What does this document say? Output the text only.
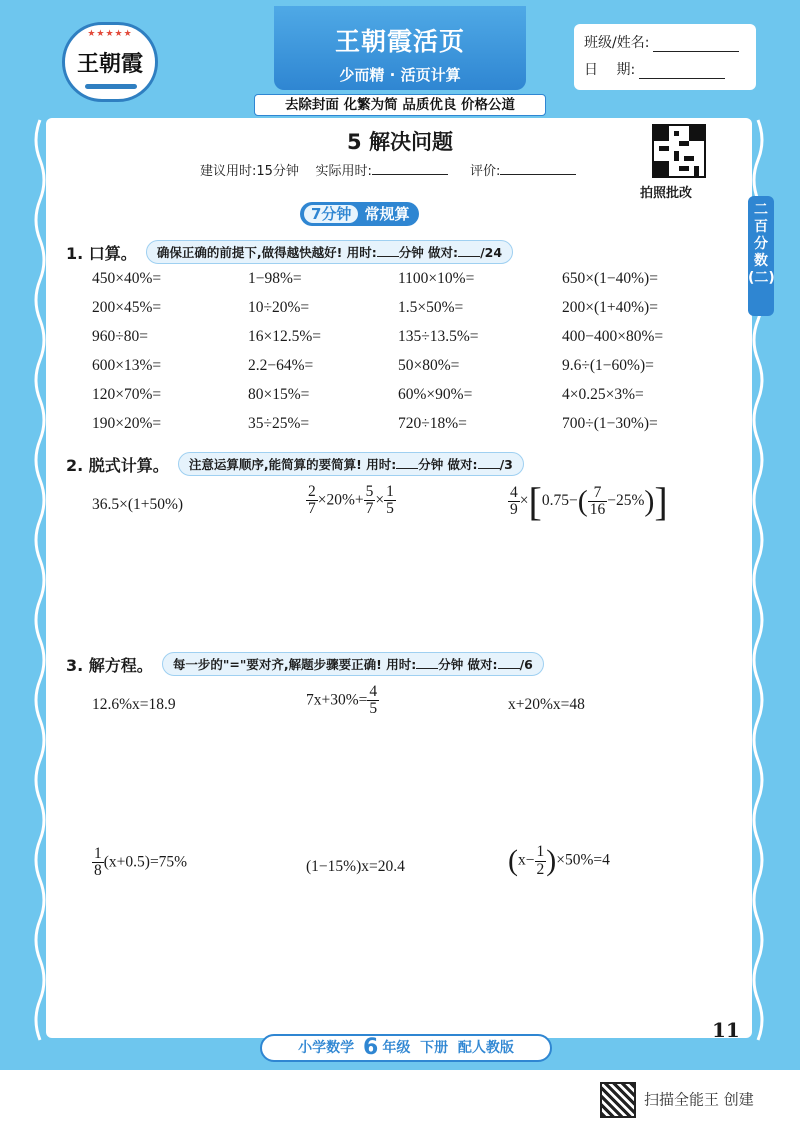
★★★★★
王朝霞
王朝霞活页
少而精 · 活页计算
去除封面 化繁为简 品质优良 价格公道
班级/姓名:
日　 期:
二
百
分
数
(二)
5 解决问题
建议用时:15分钟 实际用时:	评价:
拍照批改
7分钟 常规算
1. 口算。 确保正确的前提下,做得越快越好! 用时: 分钟 做对: /24
450×40%=	1−98%=	1100×10%=	650×(1−40%)=
200×45%=	10÷20%=	1.5×50%=	200×(1+40%)=
960÷80=	16×12.5%=	135÷13.5%=	400−400×80%=
600×13%=	2.2−64%=	50×80%=	9.6÷(1−60%)=
120×70%=	80×15%=	60%×90%=	4×0.25×3%=
190×20%=	35÷25%=	720÷18%=	700÷(1−30%)=
2. 脱式计算。 注意运算顺序,能简算的要简算! 用时: 分钟 做对: /3
36.5×(1+50%)	$\frac{2}{7} \times 20\%+ \frac{5}{7} \times \frac{1}{5}$	$\frac{4}{9} \times[0.75-( \frac{7}{16} -25\%)]$
3. 解方程。 每一步的"="要对齐,解题步骤要正确! 用时: 分钟 做对: /6
12.6%x=18.9	$7x+30\%= \frac{4}{5}$	x+20%x=48
$\frac{1}{8} (x+0.5)=75\%$	(1−15%)x=20.4	$(x- \frac{1}{2} )\times 50\%=4$
11
小学数学 6 年级 下册 配人教版
扫描全能王 创建
